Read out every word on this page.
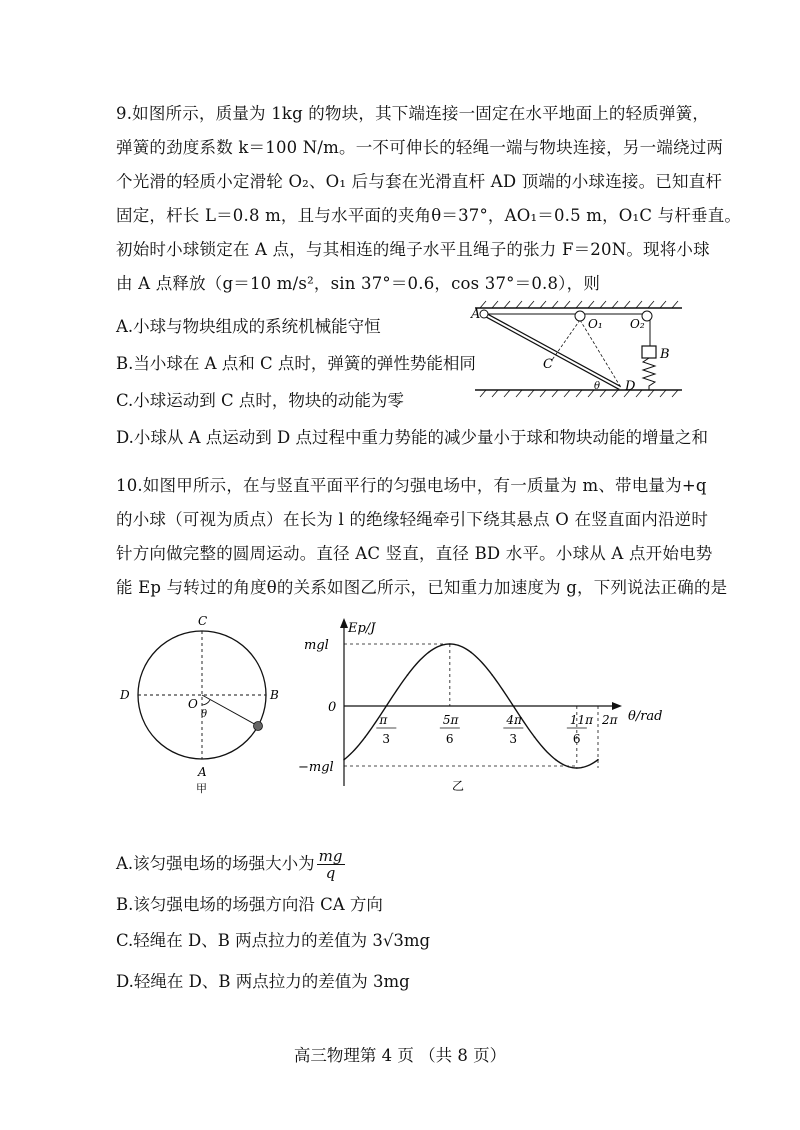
9.如图所示，质量为 1kg 的物块，其下端连接一固定在水平地面上的轻质弹簧，
弹簧的劲度系数 k＝100 N/m。一不可伸长的轻绳一端与物块连接，另一端绕过两
个光滑的轻质小定滑轮 O₂、O₁ 后与套在光滑直杆 AD 顶端的小球连接。已知直杆
固定，杆长 L＝0.8 m，且与水平面的夹角θ＝37°，AO₁＝0.5 m，O₁C 与杆垂直。
初始时小球锁定在 A 点，与其相连的绳子水平且绳子的张力 F＝20N。现将小球
由 A 点释放（g＝10 m/s²，sin 37°＝0.6，cos 37°＝0.8），则
A.小球与物块组成的系统机械能守恒
B.当小球在 A 点和 C 点时，弹簧的弹性势能相同
C.小球运动到 C 点时，物块的动能为零
D.小球从 A 点运动到 D 点过程中重力势能的减少量小于球和物块动能的增量之和
A
O₁ O₂
B
C
D
θ
10.如图甲所示，在与竖直平面平行的匀强电场中，有一质量为 m、带电量为+q
的小球（可视为质点）在长为 l 的绝缘轻绳牵引下绕其悬点 O 在竖直面内沿逆时
针方向做完整的圆周运动。直径 AC 竖直，直径 BD 水平。小球从 A 点开始电势
能 Ep 与转过的角度θ的关系如图乙所示，已知重力加速度为 g，下列说法正确的是
C
D	B
O
θ
A
甲
Ep/J
θ/rad
mgl
0
−mgl
π
3
5π
6
4π
3
11π
6
2π
乙
A.该匀强电场的场强大小为 $\frac{mg}{q}$
B.该匀强电场的场强方向沿 CA 方向
C.轻绳在 D、B 两点拉力的差值为 3√3mg
D.轻绳在 D、B 两点拉力的差值为 3mg
高三物理第 4 页 （共 8 页）
